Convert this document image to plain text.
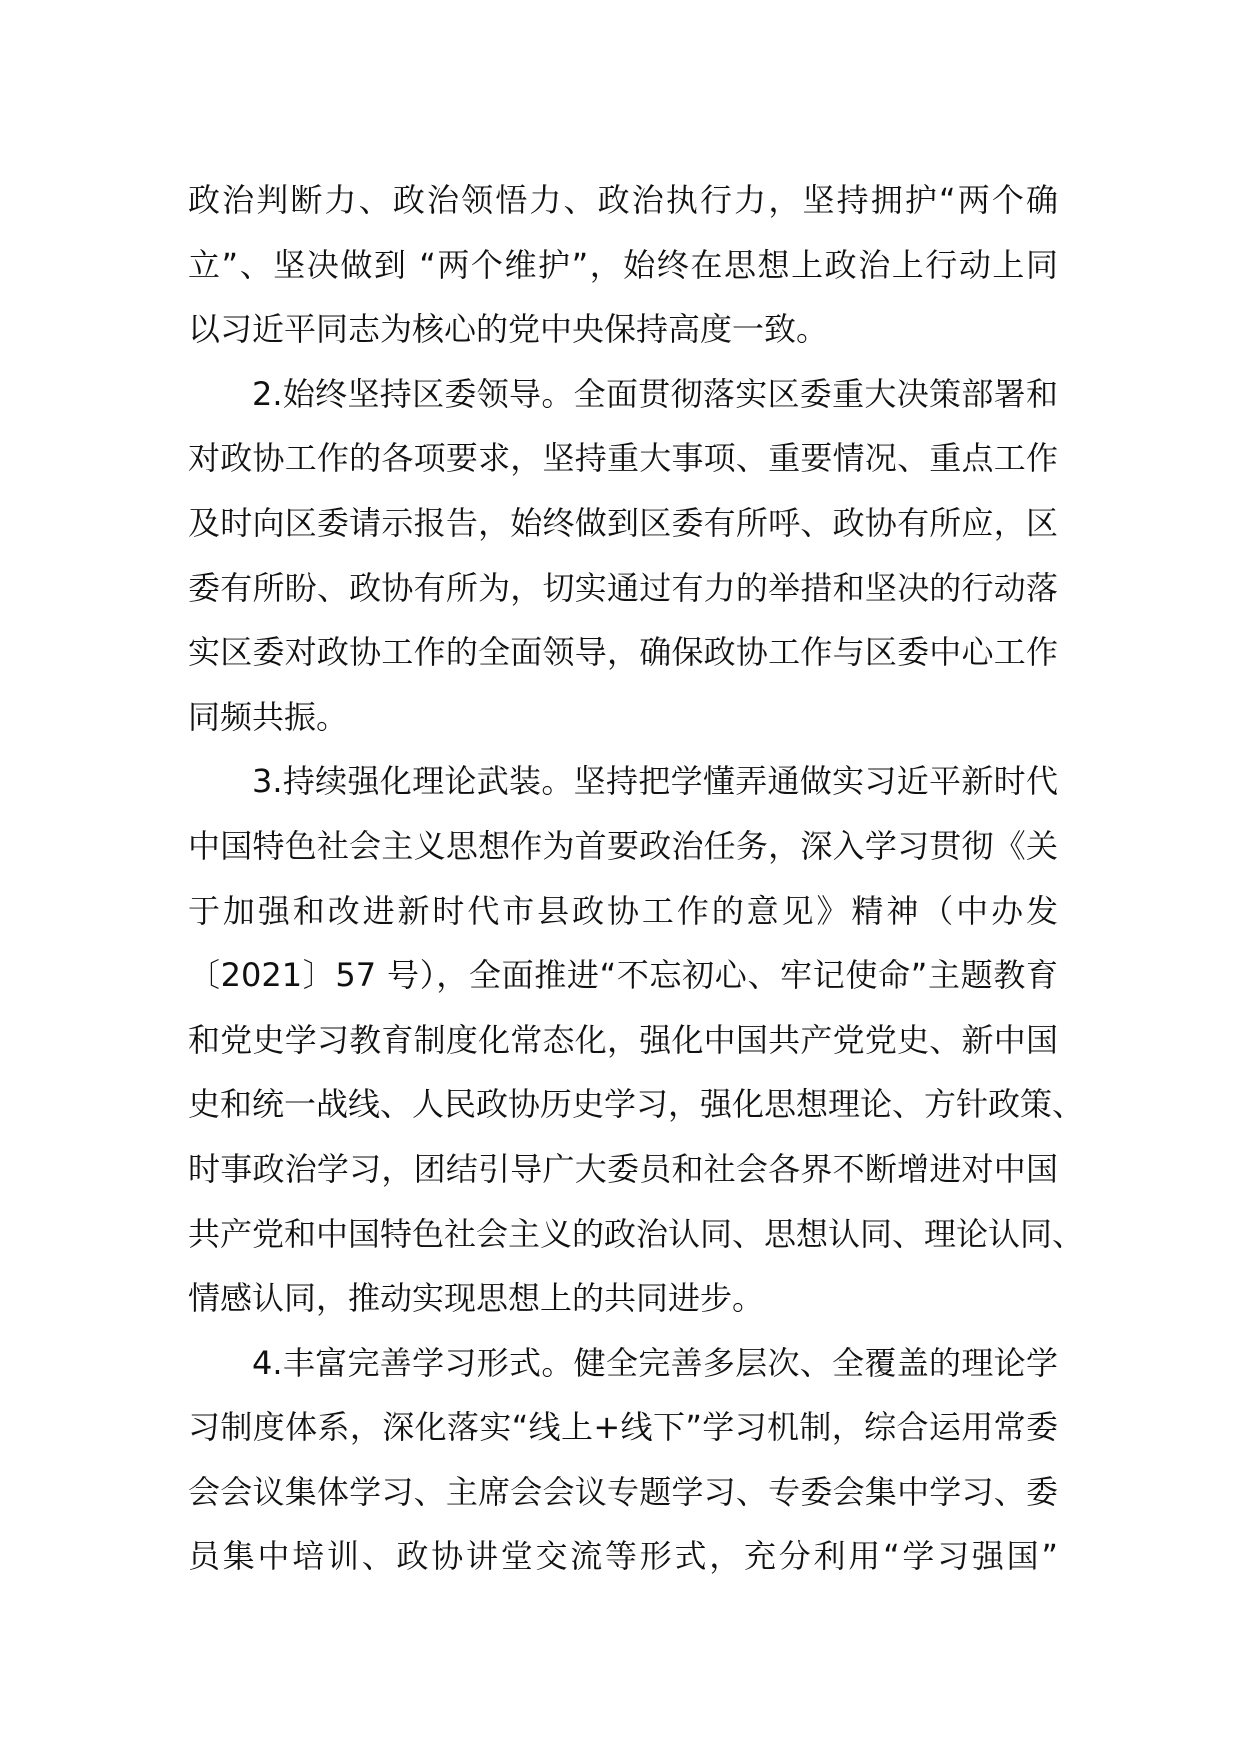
政治判断力、政治领悟力、政治执行力，坚持拥护“两个确
立”、坚决做到 “两个维护”，始终在思想上政治上行动上同
以习近平同志为核心的党中央保持高度一致。
2.始终坚持区委领导。全面贯彻落实区委重大决策部署和
对政协工作的各项要求，坚持重大事项、重要情况、重点工作
及时向区委请示报告，始终做到区委有所呼、政协有所应，区
委有所盼、政协有所为，切实通过有力的举措和坚决的行动落
实区委对政协工作的全面领导，确保政协工作与区委中心工作
同频共振。
3.持续强化理论武装。坚持把学懂弄通做实习近平新时代
中国特色社会主义思想作为首要政治任务，深入学习贯彻《关
于加强和改进新时代市县政协工作的意见》精神（中办发
〔2021〕57 号），全面推进“不忘初心、牢记使命”主题教育
和党史学习教育制度化常态化，强化中国共产党党史、新中国
史和统一战线、人民政协历史学习，强化思想理论、方针政策、
时事政治学习，团结引导广大委员和社会各界不断增进对中国
共产党和中国特色社会主义的政治认同、思想认同、理论认同、
情感认同，推动实现思想上的共同进步。
4.丰富完善学习形式。健全完善多层次、全覆盖的理论学
习制度体系，深化落实“线上+线下”学习机制，综合运用常委
会会议集体学习、主席会会议专题学习、专委会集中学习、委
员集中培训、政协讲堂交流等形式，充分利用“学习强国”
